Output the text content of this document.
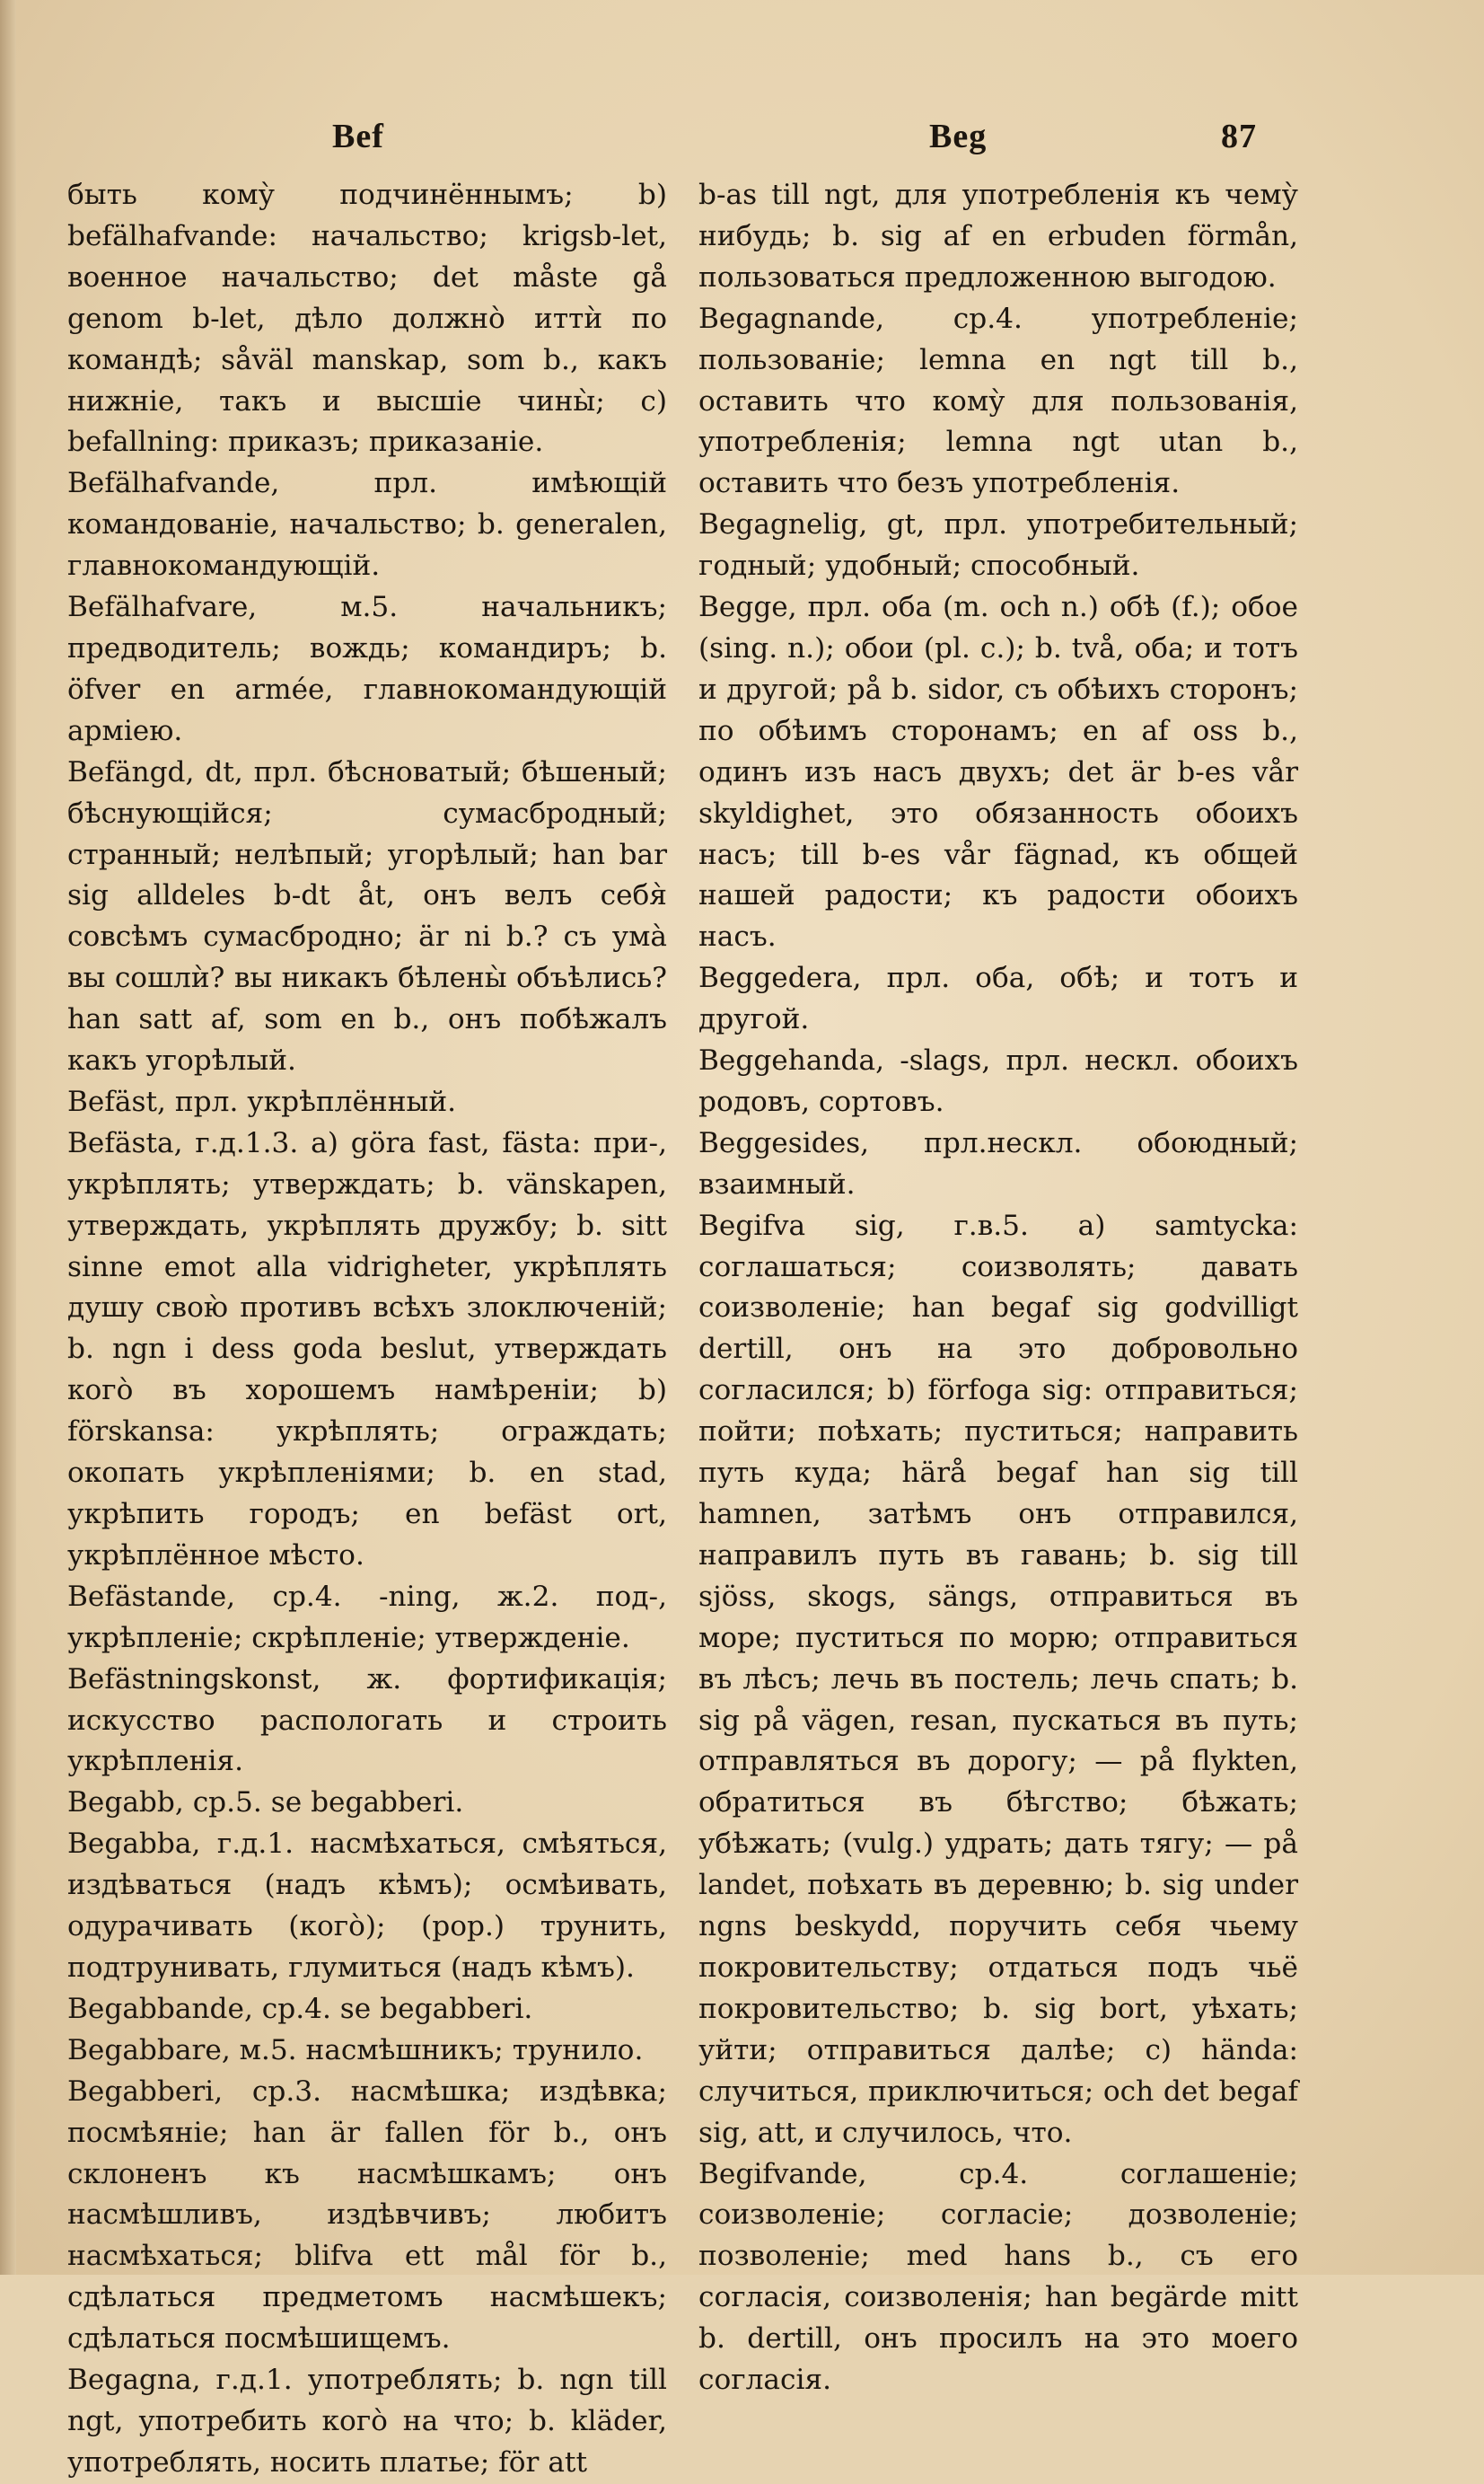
Bef	Beg	87

быть кому̀ подчинённымъ; b) befälhafvande: начальство; krigsb-let, военное начальство; det måste gå genom b-let, дѣло должно̀ иттѝ по командѣ; såväl manskap, som b., какъ нижніе, такъ и высшіе чины̀; c) befallning: приказъ; приказаніе.

Befälhafvande, прл. имѣющій командованіе, начальство; b. generalen, главнокомандующій.

Befälhafvare, м.5. начальникъ; предводитель; вождь; командиръ; b. öfver en armée, главнокомандующій арміею.

Befängd, dt, прл. бѣсноватый; бѣшеный; бѣснующійся; сумасбродный; странный; нелѣпый; угорѣлый; han bar sig alldeles b-dt åt, онъ велъ себя̀ совсѣмъ сумасбродно; är ni b.? съ ума̀ вы сошлѝ? вы никакъ бѣлены̀ объѣлись? han satt af, som en b., онъ побѣжалъ какъ угорѣлый.

Befäst, прл. укрѣплённый.

Befästa, г.д.1.3. a) göra fast, fästa: при-, укрѣплять; утверждать; b. vänskapen, утверждать, укрѣплять дружбу; b. sitt sinne emot alla vidrigheter, укрѣплять душу свою̀ противъ всѣхъ злоключеній; b. ngn i dess goda beslut, утверждать кого̀ въ хорошемъ намѣреніи; b) förskansa: укрѣплять; ограждать; окопать укрѣпленіями; b. en stad, укрѣпить городъ; en befäst ort, укрѣплённое мѣсто.

Befästande, ср.4. -ning, ж.2. под-, укрѣпленіе; скрѣпленіе; утвержденіе.

Befästningskonst, ж. фортификація; искусство распологать и строить укрѣпленія.

Begabb, ср.5. se begabberi.

Begabba, г.д.1. насмѣхаться, смѣяться, издѣваться (надъ кѣмъ); осмѣивать, одурачивать (кого̀); (pop.) трунить, подтрунивать, глумиться (надъ кѣмъ).

Begabbande, ср.4. se begabberi.

Begabbare, м.5. насмѣшникъ; трунило.

Begabberi, ср.3. насмѣшка; издѣвка; посмѣяніе; han är fallen för b., онъ склоненъ къ насмѣшкамъ; онъ насмѣшливъ, издѣвчивъ; любитъ насмѣхаться; blifva ett mål för b., сдѣлаться предметомъ насмѣшекъ; сдѣлаться посмѣшищемъ.

Begagna, г.д.1. употреблять; b. ngn till ngt, употребить кого̀ на что; b. kläder, употреблять, носить платье; för att

b-as till ngt, для употребленія къ чему̀ нибудь; b. sig af en erbuden förmån, пользоваться предложенною выгодою.

Begagnande, ср.4. употребленіе; пользованіе; lemna en ngt till b., оставить что кому̀ для пользованія, употребленія; lemna ngt utan b., оставить что безъ употребленія.

Begagnelig, gt, прл. употребительный; годный; удобный; способный.

Begge, прл. оба (m. och n.) обѣ (f.); обое (sing. n.); обои (pl. c.); b. två, оба; и тотъ и другой; på b. sidor, съ обѣихъ сторонъ; по обѣимъ сторонамъ; en af oss b., одинъ изъ насъ двухъ; det är b-es vår skyldighet, это обязанность обоихъ насъ; till b-es vår fägnad, къ общей нашей радости; къ радости обоихъ насъ.

Beggedera, прл. оба, обѣ; и тотъ и другой.

Beggehanda, -slags, прл. нескл. обоихъ родовъ, сортовъ.

Beggesides, прл.нескл. обоюдный; взаимный.

Begifva sig, г.в.5. a) samtycka: соглашаться; соизволять; давать соизволеніе; han begaf sig godvilligt dertill, онъ на это добровольно согласился; b) förfoga sig: отправиться; пойти; поѣхать; пуститься; направить путь куда; härå begaf han sig till hamnen, затѣмъ онъ отправился, направилъ путь въ гавань; b. sig till sjöss, skogs, sängs, отправиться въ море; пуститься по морю; отправиться въ лѣсъ; лечь въ постель; лечь спать; b. sig på vägen, resan, пускаться въ путь; отправляться въ дорогу; — på flykten, обратиться въ бѣгство; бѣжать; убѣжать; (vulg.) удрать; дать тягу; — på landet, поѣхать въ деревню; b. sig under ngns beskydd, поручить себя чьему покровительству; отдаться подъ чьё покровительство; b. sig bort, уѣхать; уйти; отправиться далѣе; c) hända: случиться, приключиться; och det begaf sig, att, и случилось, что.

Begifvande, ср.4. соглашеніе; соизволеніе; согласіе; дозволеніе; позволеніе; med hans b., съ его согласія, соизволенія; han begärde mitt b. dertill, онъ просилъ на это моего согласія.
